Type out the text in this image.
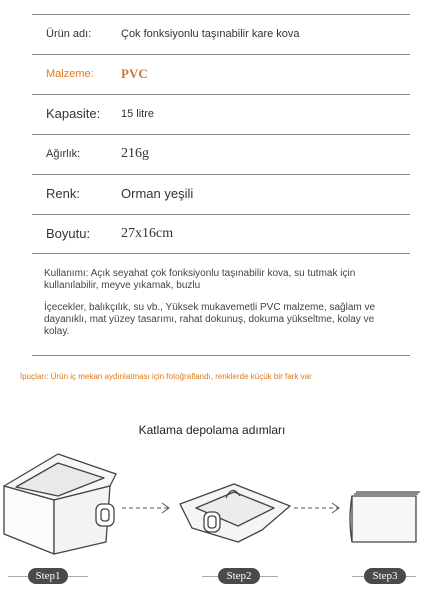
Ürün adı:	Çok fonksiyonlu taşınabilir kare kova
Malzeme: PVC
Kapasite: 15 litre
Ağırlık:	216g
Renk:	Orman yeşili
Boyutu: 27x16cm
Kullanımı: Açık seyahat çok fonksiyonlu taşınabilir kova, su tutmak için kullanılabilir, meyve yıkamak, buzlu
İçecekler, balıkçılık, su vb., Yüksek mukavemetli PVC malzeme, sağlam ve dayanıklı, mat yüzey tasarımı, rahat dokunuş, dokuma yükseltme, kolay ve kolay.
İpuçları: Ürün iç mekan aydınlatması için fotoğraflandı, renklerde küçük bir fark var
Katlama depolama adımları
Step1	Step2	Step3
